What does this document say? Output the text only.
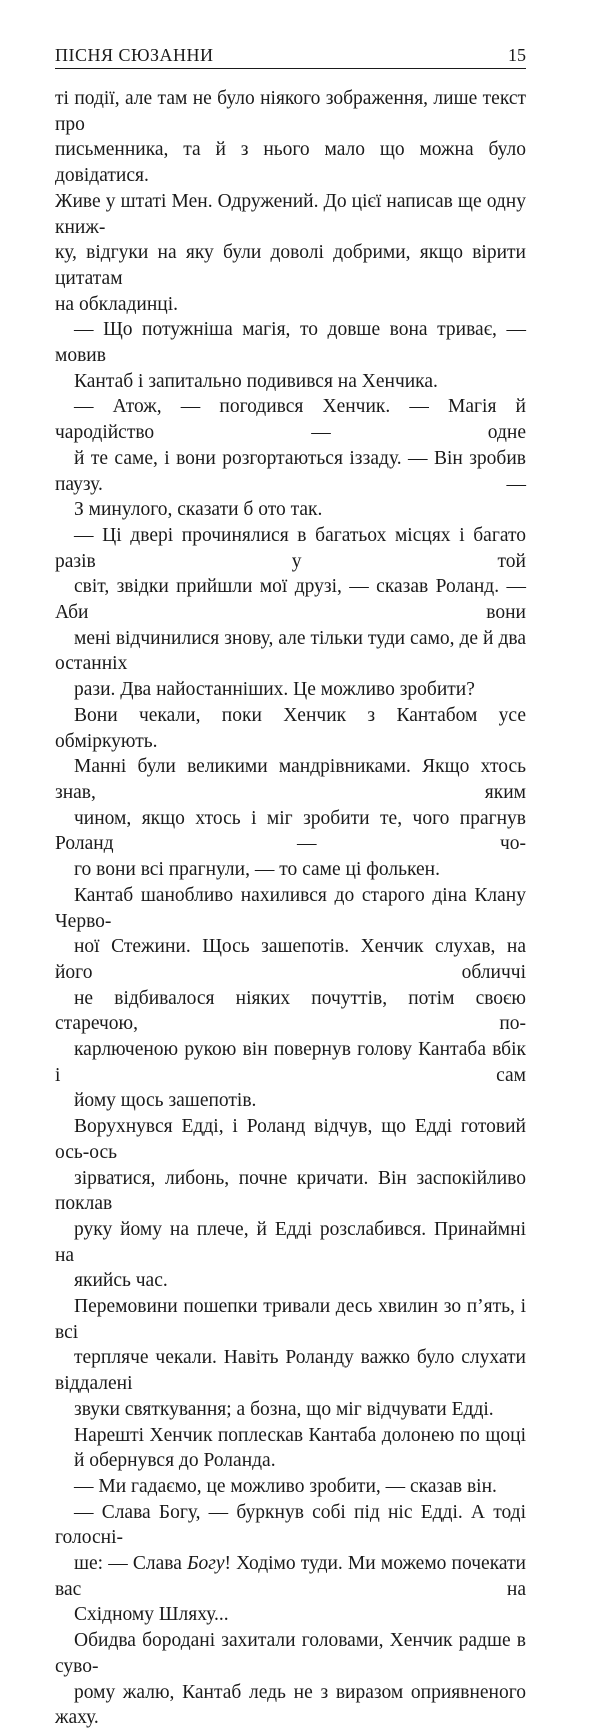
ПІСНЯ СЮЗАННИ	15

ті події, але там не було ніякого зображення, лише текст про
письменника, та й з нього мало що можна було довідатися.
Живе у штаті Мен. Одружений. До цієї написав ще одну книж-
ку, відгуки на яку були доволі добрими, якщо вірити цитатам
на обкладинці.

— Що потужніша магія, то довше вона триває, — мовив
Кантаб і запитально подивився на Хенчика.

— Атож, — погодився Хенчик. — Магія й чародійство — одне
й те саме, і вони розгортаються іззаду. — Він зробив паузу. —
З минулого, сказати б ото так.

— Ці двері прочинялися в багатьох місцях і багато разів у той
світ, звідки прийшли мої друзі, — сказав Роланд. — Аби вони
мені відчинилися знову, але тільки туди само, де й два останніх
рази. Два найостанніших. Це можливо зробити?

Вони чекали, поки Хенчик з Кантабом усе обміркують.
Манні були великими мандрівниками. Якщо хтось знав, яким
чином, якщо хтось і міг зробити те, чого прагнув Роланд — чо-
го вони всі прагнули, — то саме ці фолькен.

Кантаб шанобливо нахилився до старого діна Клану Черво-
ної Стежини. Щось зашепотів. Хенчик слухав, на його обличчі
не відбивалося ніяких почуттів, потім своєю старечою, по-
карлюченою рукою він повернув голову Кантаба вбік і сам
йому щось зашепотів.

Ворухнувся Едді, і Роланд відчув, що Едді готовий ось-ось
зірватися, либонь, почне кричати. Він заспокійливо поклав
руку йому на плече, й Едді розслабився. Принаймні на
якийсь час.

Перемовини пошепки тривали десь хвилин зо п’ять, і всі
терпляче чекали. Навіть Роланду важко було слухати віддалені
звуки святкування; а бозна, що міг відчувати Едді.

Нарешті Хенчик поплескав Кантаба долонею по щоці
й обернувся до Роланда.

— Ми гадаємо, це можливо зробити, — сказав він.

— Слава Богу, — буркнув собі під ніс Едді. А тоді голосні-
ше: — Слава Богу! Ходімо туди. Ми можемо почекати вас на
Східному Шляху...

Обидва бородані захитали головами, Хенчик радше в суво-
рому жалю, Кантаб ледь не з виразом оприявненого жаху.
